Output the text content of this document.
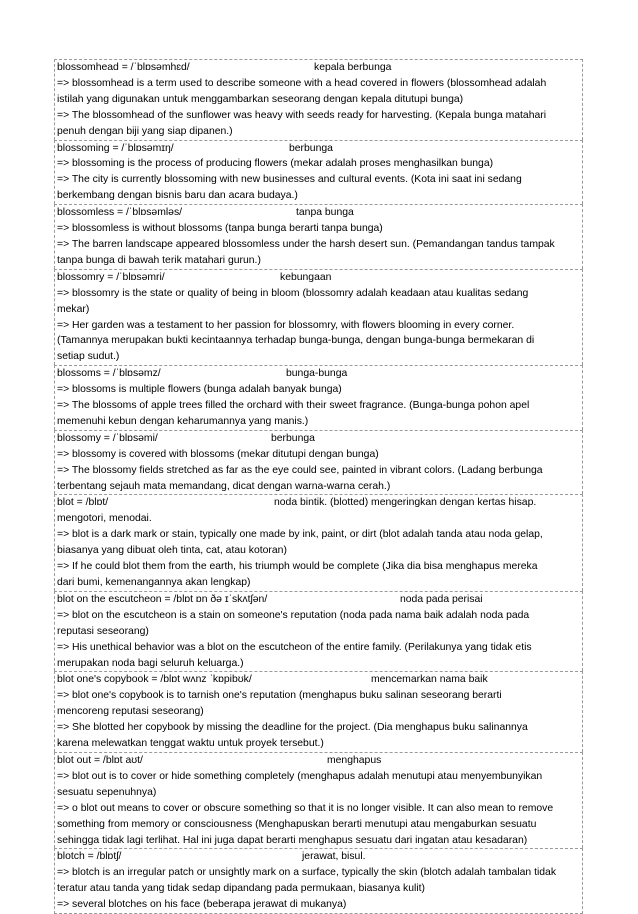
blossomhead = /ˈblɒsəmhɛd/	kepala berbunga
=> blossomhead is a term used to describe someone with a head covered in flowers (blossomhead adalah
istilah yang digunakan untuk menggambarkan seseorang dengan kepala ditutupi bunga)
=> The blossomhead of the sunflower was heavy with seeds ready for harvesting. (Kepala bunga matahari
penuh dengan biji yang siap dipanen.)
blossoming = /ˈblɒsəmɪŋ/	berbunga
=> blossoming is the process of producing flowers (mekar adalah proses menghasilkan bunga)
=> The city is currently blossoming with new businesses and cultural events. (Kota ini saat ini sedang
berkembang dengan bisnis baru dan acara budaya.)
blossomless = /ˈblɒsəmləs/	tanpa bunga
=> blossomless is without blossoms (tanpa bunga berarti tanpa bunga)
=> The barren landscape appeared blossomless under the harsh desert sun. (Pemandangan tandus tampak
tanpa bunga di bawah terik matahari gurun.)
blossomry = /ˈblɒsəmri/	kebungaan
=> blossomry is the state or quality of being in bloom (blossomry adalah keadaan atau kualitas sedang
mekar)
=> Her garden was a testament to her passion for blossomry, with flowers blooming in every corner.
(Tamannya merupakan bukti kecintaannya terhadap bunga-bunga, dengan bunga-bunga bermekaran di
setiap sudut.)
blossoms = /ˈblɒsəmz/	bunga-bunga
=> blossoms is multiple flowers (bunga adalah banyak bunga)
=> The blossoms of apple trees filled the orchard with their sweet fragrance. (Bunga-bunga pohon apel
memenuhi kebun dengan keharumannya yang manis.)
blossomy = /ˈblɒsəmi/	berbunga
=> blossomy is covered with blossoms (mekar ditutupi dengan bunga)
=> The blossomy fields stretched as far as the eye could see, painted in vibrant colors. (Ladang berbunga
terbentang sejauh mata memandang, dicat dengan warna-warna cerah.)
blot = /blɒt/	noda bintik. (blotted) mengeringkan dengan kertas hisap.
mengotori, menodai.
=> blot is a dark mark or stain, typically one made by ink, paint, or dirt (blot adalah tanda atau noda gelap,
biasanya yang dibuat oleh tinta, cat, atau kotoran)
=> If he could blot them from the earth, his triumph would be complete (Jika dia bisa menghapus mereka
dari bumi, kemenangannya akan lengkap)
blot on the escutcheon = /blɒt ɒn ðə ɪˈskʌtʃən/	noda pada perisai
=> blot on the escutcheon is a stain on someone's reputation (noda pada nama baik adalah noda pada
reputasi seseorang)
=> His unethical behavior was a blot on the escutcheon of the entire family. (Perilakunya yang tidak etis
merupakan noda bagi seluruh keluarga.)
blot one's copybook = /blɒt wʌnz ˈkɒpibʊk/	mencemarkan nama baik
=> blot one's copybook is to tarnish one's reputation (menghapus buku salinan seseorang berarti
mencoreng reputasi seseorang)
=> She blotted her copybook by missing the deadline for the project. (Dia menghapus buku salinannya
karena melewatkan tenggat waktu untuk proyek tersebut.)
blot out = /blɒt aʊt/	menghapus
=> blot out is to cover or hide something completely (menghapus adalah menutupi atau menyembunyikan
sesuatu sepenuhnya)
=> o blot out means to cover or obscure something so that it is no longer visible. It can also mean to remove
something from memory or consciousness (Menghapuskan berarti menutupi atau mengaburkan sesuatu
sehingga tidak lagi terlihat. Hal ini juga dapat berarti menghapus sesuatu dari ingatan atau kesadaran)
blotch = /blɒtʃ/	jerawat, bisul.
=> blotch is an irregular patch or unsightly mark on a surface, typically the skin (blotch adalah tambalan tidak
teratur atau tanda yang tidak sedap dipandang pada permukaan, biasanya kulit)
=> several blotches on his face (beberapa jerawat di mukanya)
